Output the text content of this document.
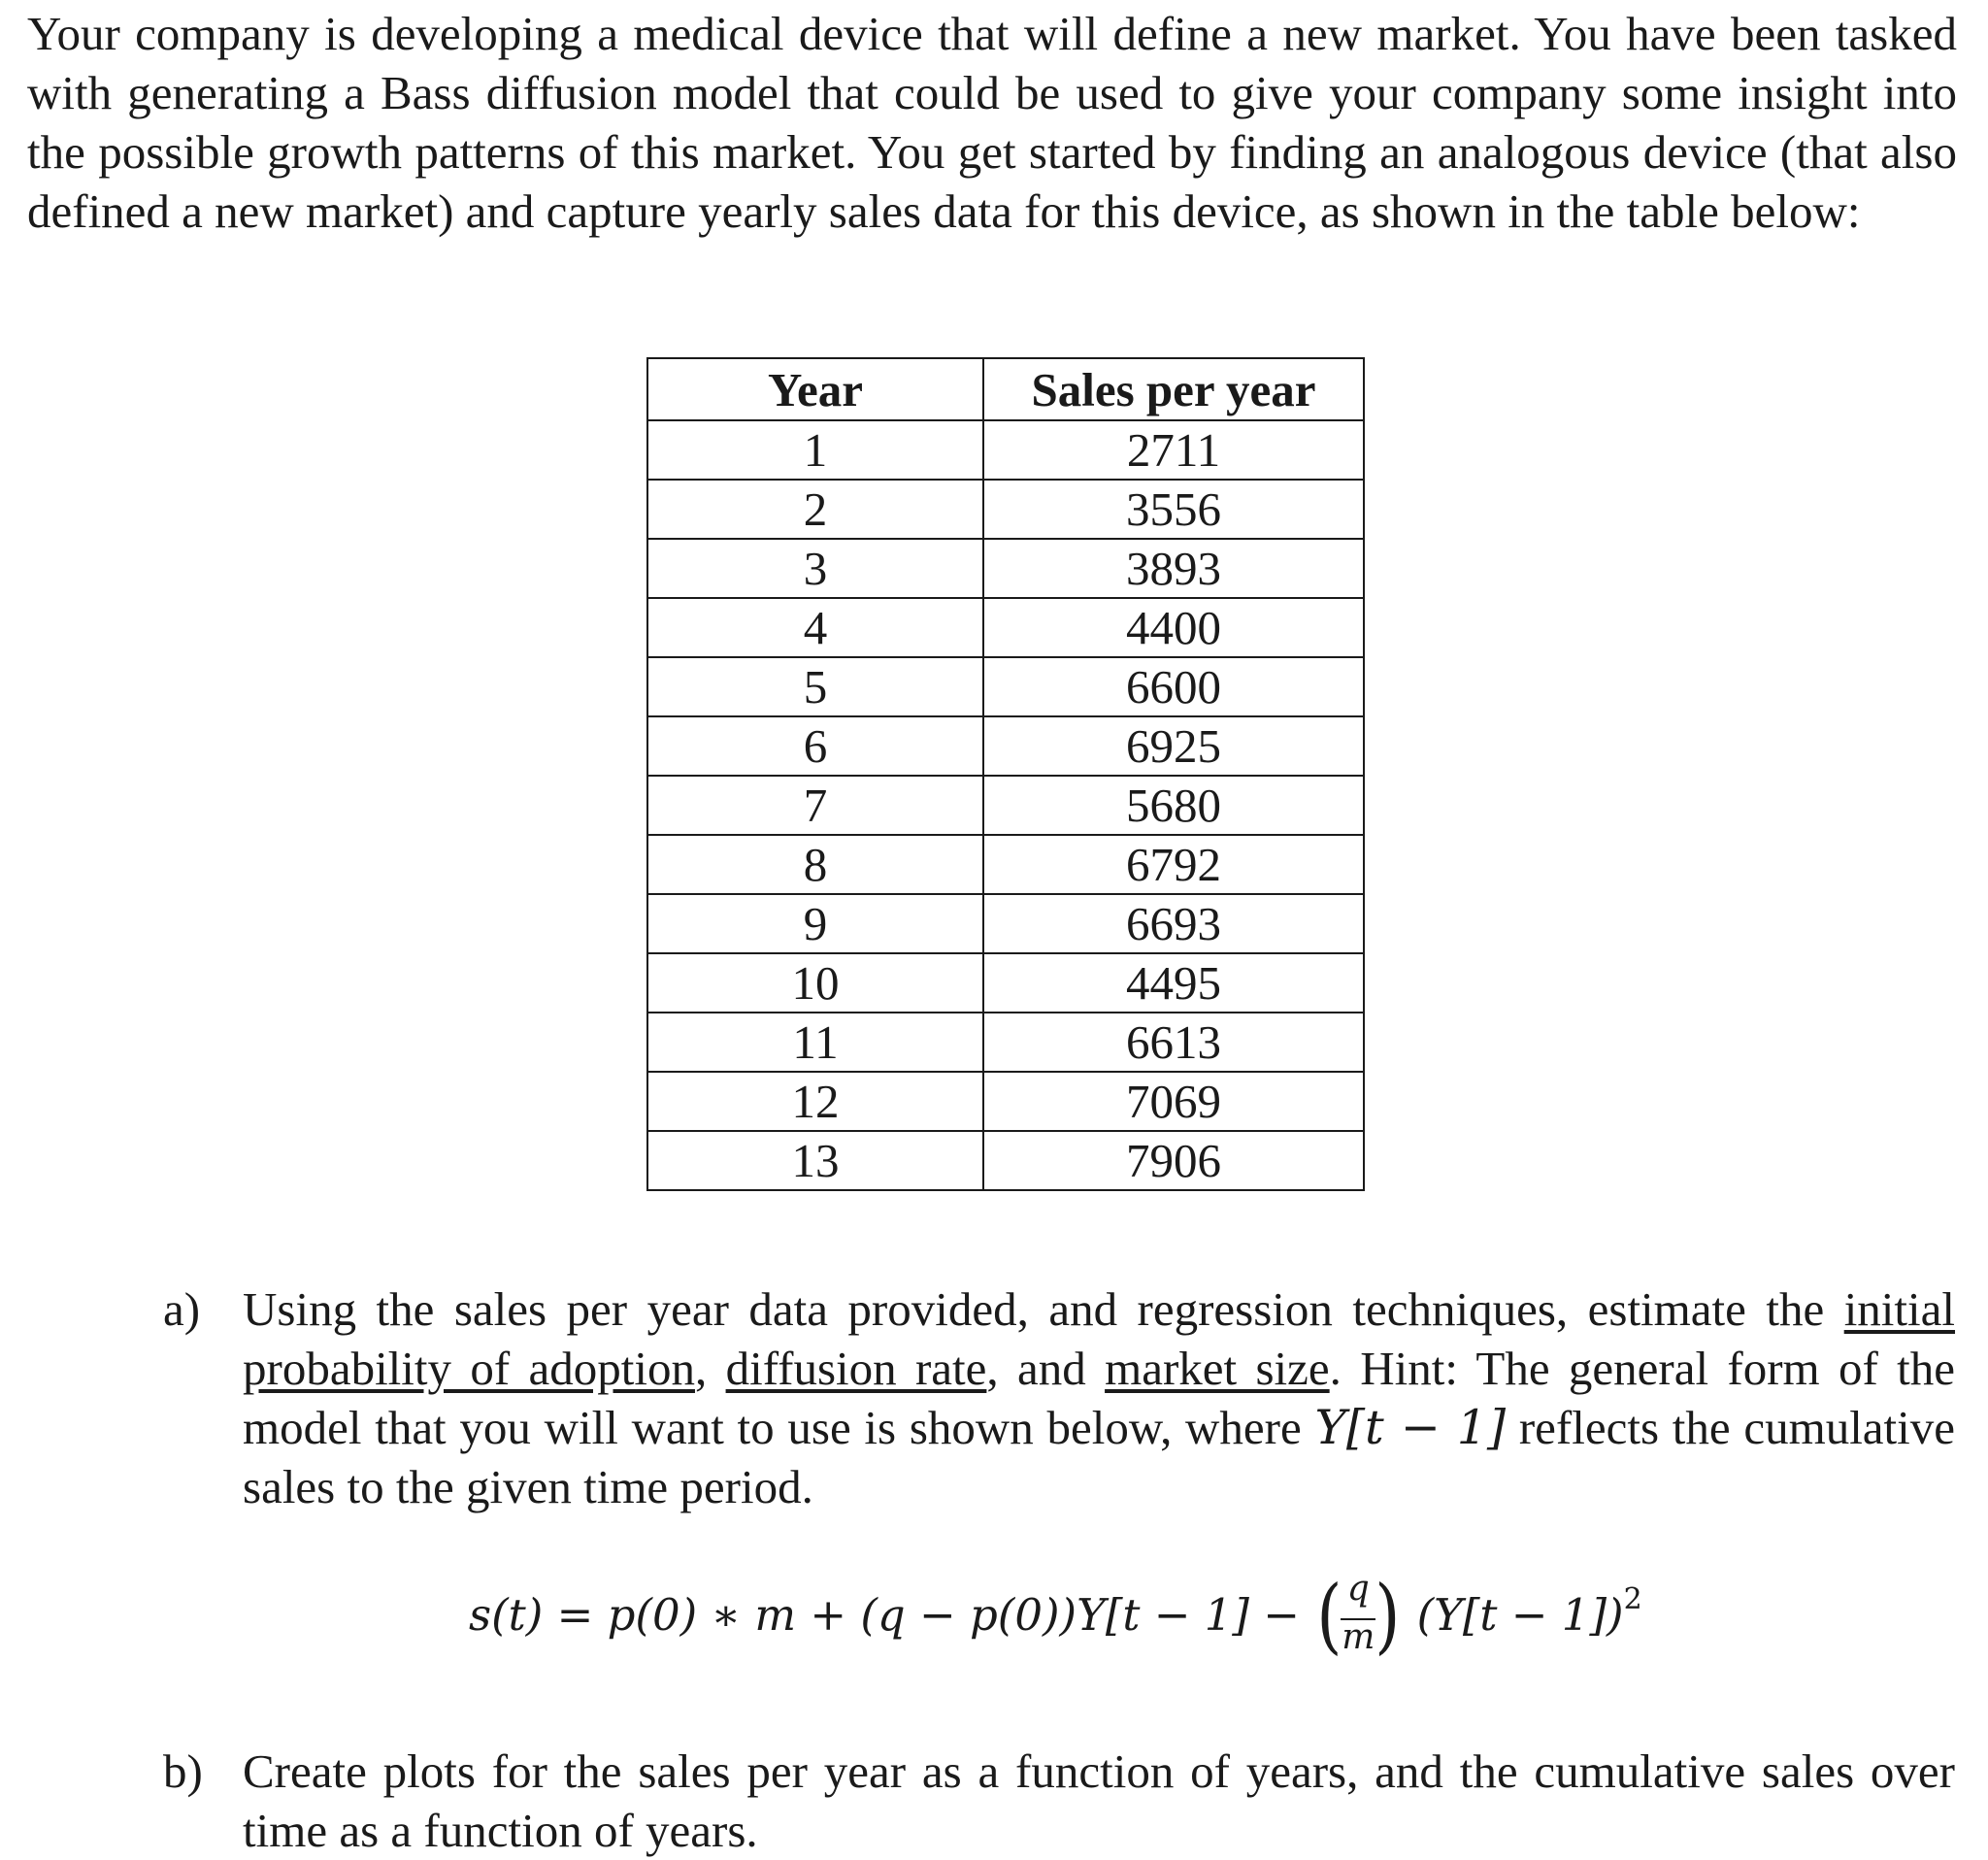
Your company is developing a medical device that will define a new market. You have been tasked with generating a Bass diffusion model that could be used to give your company some insight into the possible growth patterns of this market. You get started by finding an analogous device (that also defined a new market) and capture yearly sales data for this device, as shown in the table below:

Year	Sales per year
1	2711
2	3556
3	3893
4	4400
5	6600
6	6925
7	5680
8	6792
9	6693
10	4495
11	6613
12	7069
13	7906
a) Using the sales per year data provided, and regression techniques, estimate the initial probability of adoption, diffusion rate, and market size. Hint: The general form of the model that you will want to use is shown below, where Y[t − 1] reflects the cumulative sales to the given time period.
s(t) = p(0) ∗ m + (q − p(0))Y[t − 1] − ( q
m ) $(Y[t - 1])^2$
b) Create plots for the sales per year as a function of years, and the cumulative sales over time as a function of years.
